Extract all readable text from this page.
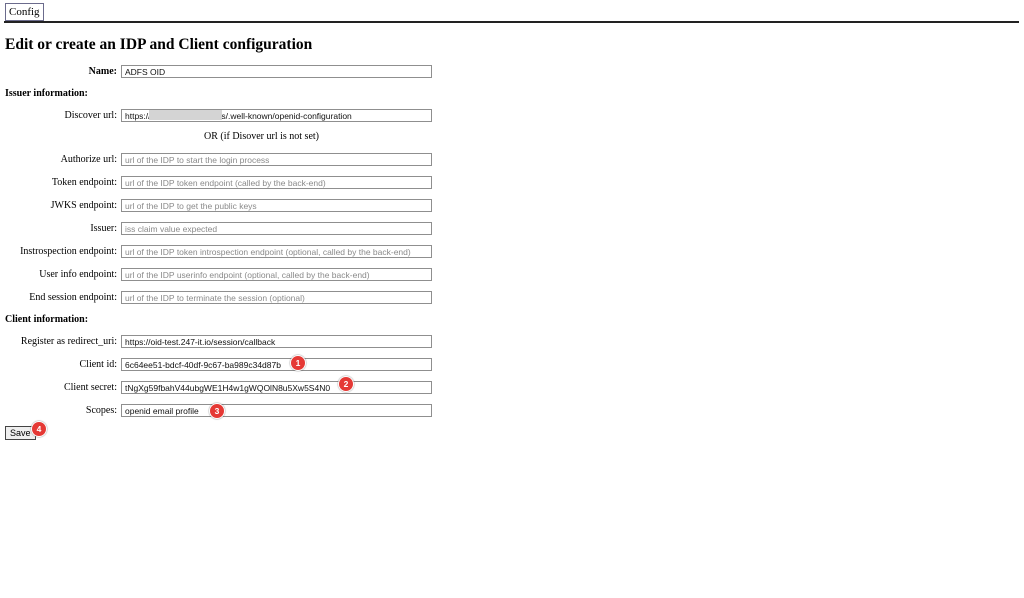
Config
Edit or create an IDP and Client configuration
Name:
ADFS OID
Issuer information:
Discover url:
https:// /adfs/.well-known/openid-configuration
OR (if Disover url is not set)
Authorize url:
url of the IDP to start the login process
Token endpoint:
url of the IDP token endpoint (called by the back-end)
JWKS endpoint:
url of the IDP to get the public keys
Issuer:
iss claim value expected
Instrospection endpoint:
url of the IDP token introspection endpoint (optional, called by the back-end)
User info endpoint:
url of the IDP userinfo endpoint (optional, called by the back-end)
End session endpoint:
url of the IDP to terminate the session (optional)
Client information:
Register as redirect_uri:
https://oid-test.247-it.io/session/callback
Client id:
6c64ee51-bdcf-40df-9c67-ba989c34d87b	1
Client secret:
tNgXg59fbahV44ubgWE1H4w1gWQOlN8u5Xw5S4N0	2
Scopes:
openid email profile	3
Save 4
